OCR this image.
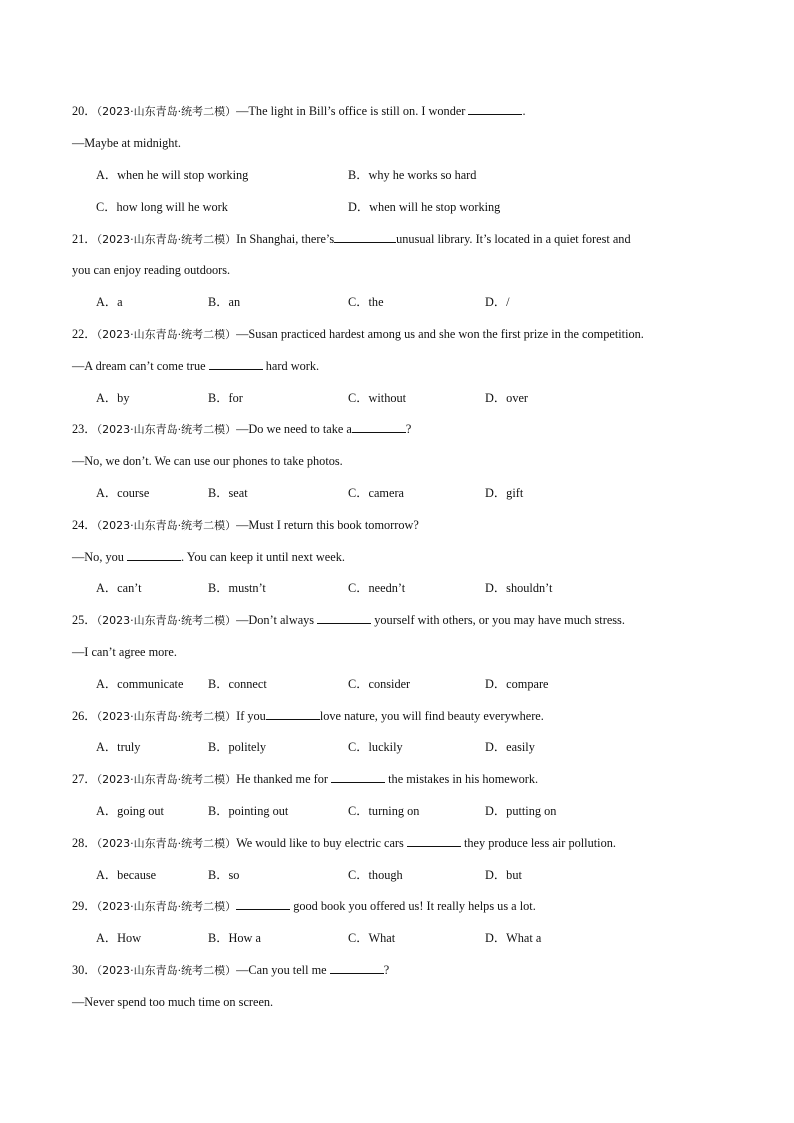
20．（2023·山东青岛·统考二模）—The light in Bill’s office is still on. I wonder	.
—Maybe at midnight.
A．when he will stop working	B．why he works so hard
C．how long will he work	D．when will he stop working
21．（2023·山东青岛·统考二模）In Shanghai, there’s	unusual library. It’s located in a quiet forest and
you can enjoy reading outdoors.
A．a	B．an	C．the	D．/
22．（2023·山东青岛·统考二模）—Susan practiced hardest among us and she won the first prize in the competition.
—A dream can’t come true	hard work.
A．by	B．for	C．without	D．over
23．（2023·山东青岛·统考二模）—Do we need to take a	?
—No, we don’t. We can use our phones to take photos.
A．course	B．seat	C．camera	D．gift
24．（2023·山东青岛·统考二模）—Must I return this book tomorrow?
—No, you	. You can keep it until next week.
A．can’t	B．mustn’t	C．needn’t	D．shouldn’t
25．（2023·山东青岛·统考二模）—Don’t always	yourself with others, or you may have much stress.
—I can’t agree more.
A．communicate B．connect	C．consider	D．compare
26．（2023·山东青岛·统考二模）If you	love nature, you will find beauty everywhere.
A．truly	B．politely	C．luckily	D．easily
27．（2023·山东青岛·统考二模）He thanked me for	the mistakes in his homework.
A．going out	B．pointing out	C．turning on	D．putting on
28．（2023·山东青岛·统考二模）We would like to buy electric cars	they produce less air pollution.
A．because	B．so	C．though	D．but
29．（2023·山东青岛·统考二模）	good book you offered us! It really helps us a lot.
A．How	B．How a	C．What	D．What a
30．（2023·山东青岛·统考二模）—Can you tell me	?
—Never spend too much time on screen.
